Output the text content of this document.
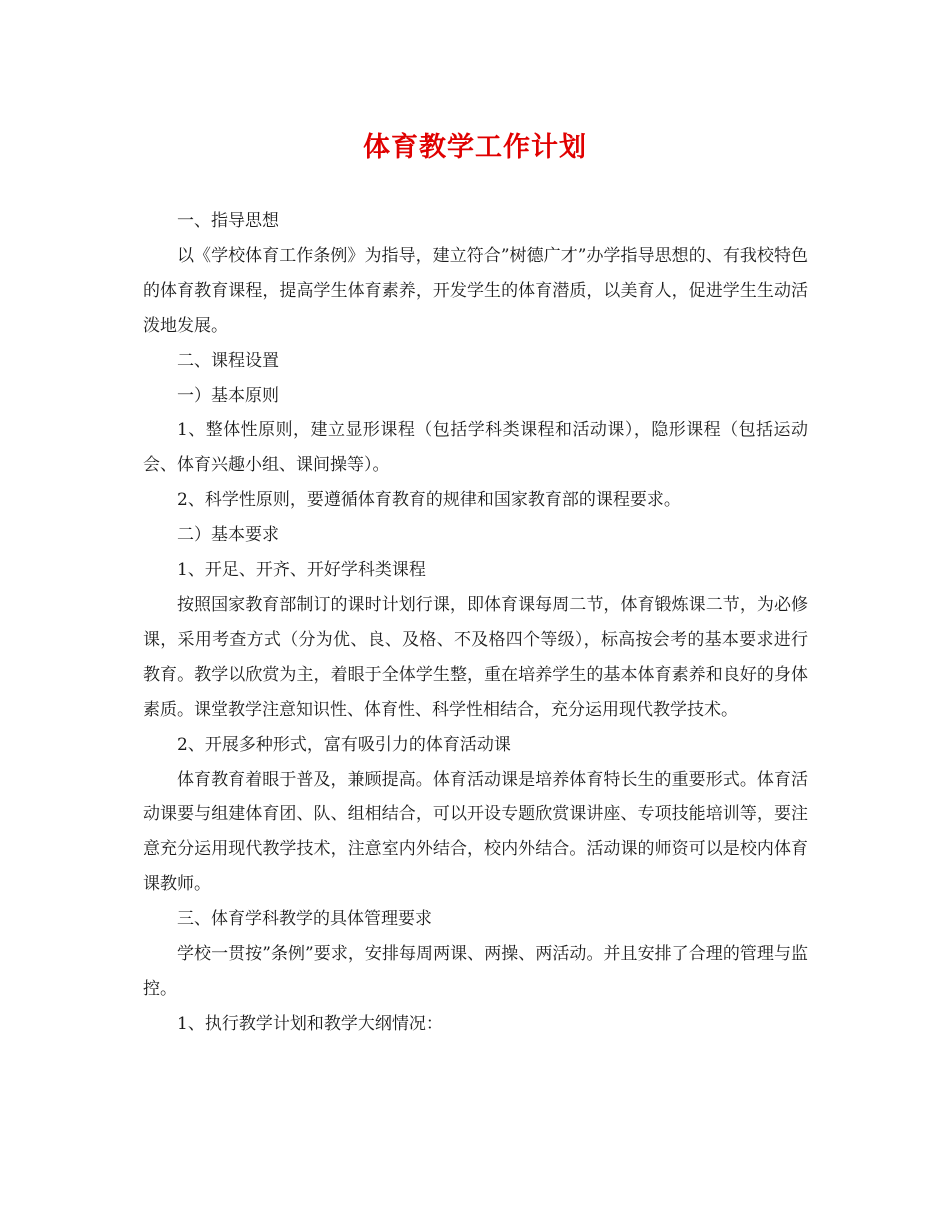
体育教学工作计划

一、指导思想

以《学校体育工作条例》为指导，建立符合”树德广才”办学指导思想的、有我校特色的体育教育课程，提高学生体育素养，开发学生的体育潜质，以美育人，促进学生生动活泼地发展。

二、课程设置

一）基本原则

1、整体性原则，建立显形课程（包括学科类课程和活动课），隐形课程（包括运动会、体育兴趣小组、课间操等）。

2、科学性原则，要遵循体育教育的规律和国家教育部的课程要求。

二）基本要求

1、开足、开齐、开好学科类课程

按照国家教育部制订的课时计划行课，即体育课每周二节，体育锻炼课二节，为必修课，采用考查方式（分为优、良、及格、不及格四个等级），标高按会考的基本要求进行教育。教学以欣赏为主，着眼于全体学生整，重在培养学生的基本体育素养和良好的身体素质。课堂教学注意知识性、体育性、科学性相结合，充分运用现代教学技术。

2、开展多种形式，富有吸引力的体育活动课

体育教育着眼于普及，兼顾提高。体育活动课是培养体育特长生的重要形式。体育活动课要与组建体育团、队、组相结合，可以开设专题欣赏课讲座、专项技能培训等，要注意充分运用现代教学技术，注意室内外结合，校内外结合。活动课的师资可以是校内体育课教师。

三、体育学科教学的具体管理要求

学校一贯按”条例”要求，安排每周两课、两操、两活动。并且安排了合理的管理与监控。

1、执行教学计划和教学大纲情况：
